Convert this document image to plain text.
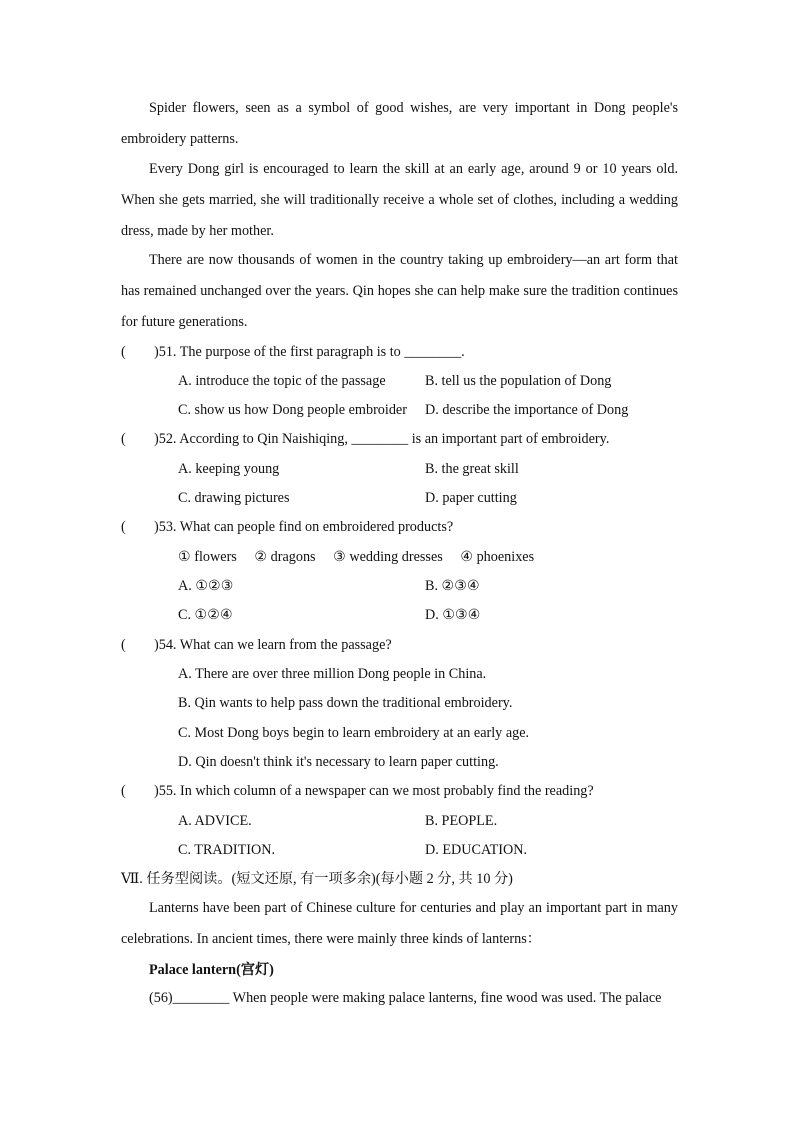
Spider flowers, seen as a symbol of good wishes, are very important in Dong people's embroidery patterns.

Every Dong girl is encouraged to learn the skill at an early age, around 9 or 10 years old. When she gets married, she will traditionally receive a whole set of clothes, including a wedding dress, made by her mother.

There are now thousands of women in the country taking up embroidery—an art form that has remained unchanged over the years. Qin hopes she can help make sure the tradition continues for future generations.

( )51. The purpose of the first paragraph is to ________.
A. introduce the topic of the passage	B. tell us the population of Dong
C. show us how Dong people embroider D. describe the importance of Dong
( )52. According to Qin Naishiqing, ________ is an important part of embroidery.
A. keeping young	B. the great skill
C. drawing pictures	D. paper cutting
( )53. What can people find on embroidered products?
① flowers ② dragons ③ wedding dresses ④ phoenixes
A. ①②③	B. ②③④
C. ①②④	D. ①③④
( )54. What can we learn from the passage?
A. There are over three million Dong people in China.
B. Qin wants to help pass down the traditional embroidery.
C. Most Dong boys begin to learn embroidery at an early age.
D. Qin doesn't think it's necessary to learn paper cutting.
( )55. In which column of a newspaper can we most probably find the reading?
A. ADVICE.	B. PEOPLE.
C. TRADITION.	D. EDUCATION.
Ⅶ. 任务型阅读。(短文还原, 有一项多余)(每小题 2 分, 共 10 分)

Lanterns have been part of Chinese culture for centuries and play an important part in many celebrations. In ancient times, there were mainly three kinds of lanterns：

Palace lantern(宫灯)

(56)________ When people were making palace lanterns, fine wood was used. The palace
